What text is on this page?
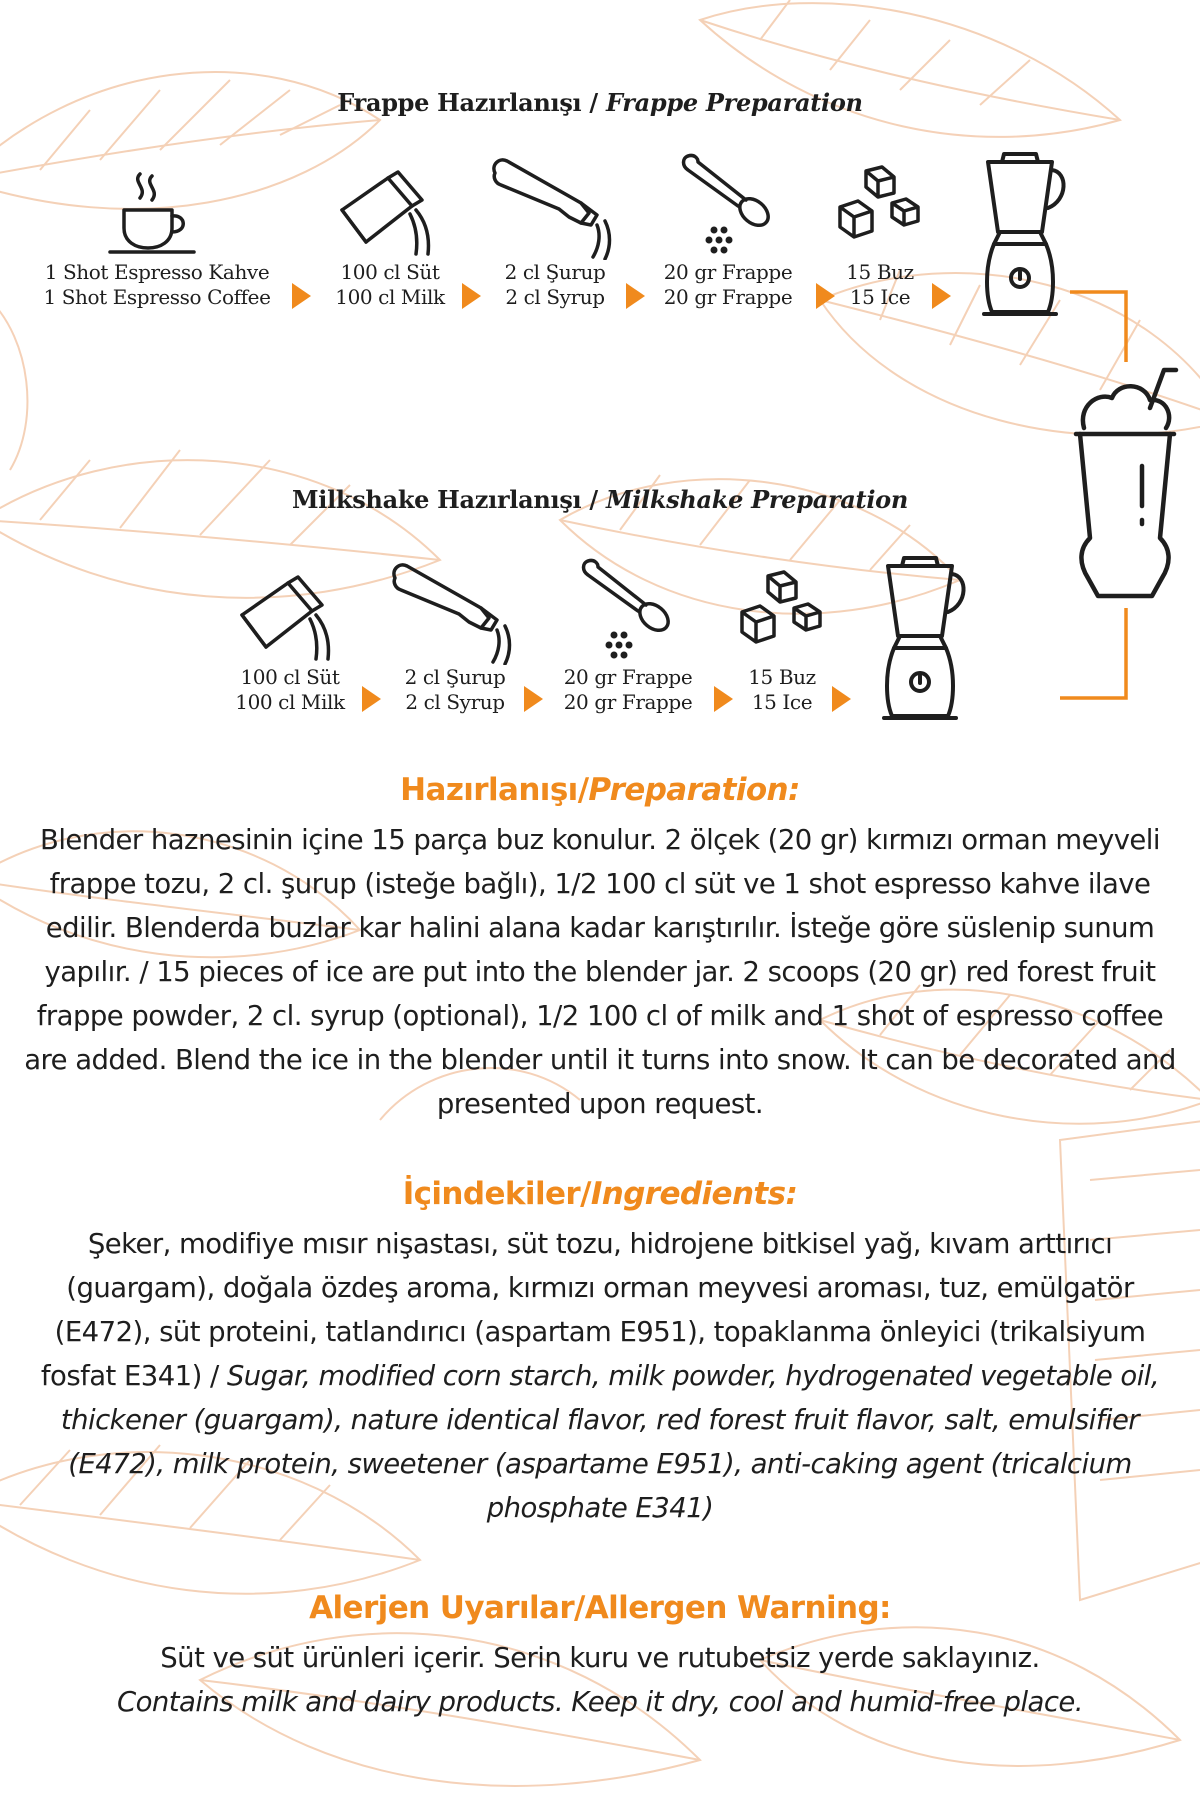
Frappe Hazırlanışı / Frappe Preparation
1 Shot Espresso Kahve
1 Shot Espresso Coffee
100 cl Süt
100 cl Milk
2 cl Şurup
2 cl Syrup
20 gr Frappe
20 gr Frappe
15 Buz
15 Ice
Milkshake Hazırlanışı / Milkshake Preparation
100 cl Süt
100 cl Milk
2 cl Şurup
2 cl Syrup
20 gr Frappe
20 gr Frappe
15 Buz
15 Ice
Hazırlanışı/Preparation:

Blender haznesinin içine 15 parça buz konulur. 2 ölçek (20 gr) kırmızı orman meyveli frappe tozu, 2 cl. şurup (isteğe bağlı), 1/2 100 cl süt ve 1 shot espresso kahve ilave edilir. Blenderda buzlar kar halini alana kadar karıştırılır. İsteğe göre süslenip sunum yapılır. / 15 pieces of ice are put into the blender jar. 2 scoops (20 gr) red forest fruit frappe powder, 2 cl. syrup (optional), 1/2 100 cl of milk and 1 shot of espresso coffee are added. Blend the ice in the blender until it turns into snow. It can be decorated and presented upon request.

İçindekiler/Ingredients:

Şeker, modifiye mısır nişastası, süt tozu, hidrojene bitkisel yağ, kıvam arttırıcı (guargam), doğala özdeş aroma, kırmızı orman meyvesi aroması, tuz, emülgatör (E472), süt proteini, tatlandırıcı (aspartam E951), topaklanma önleyici (trikalsiyum fosfat E341) / Sugar, modified corn starch, milk powder, hydrogenated vegetable oil, thickener (guargam), nature identical flavor, red forest fruit flavor, salt, emulsifier (E472), milk protein, sweetener (aspartame E951), anti-caking agent (tricalcium phosphate E341)

Alerjen Uyarılar/Allergen Warning:

Süt ve süt ürünleri içerir. Serin kuru ve rutubetsiz yerde saklayınız.
Contains milk and dairy products. Keep it dry, cool and humid-free place.
